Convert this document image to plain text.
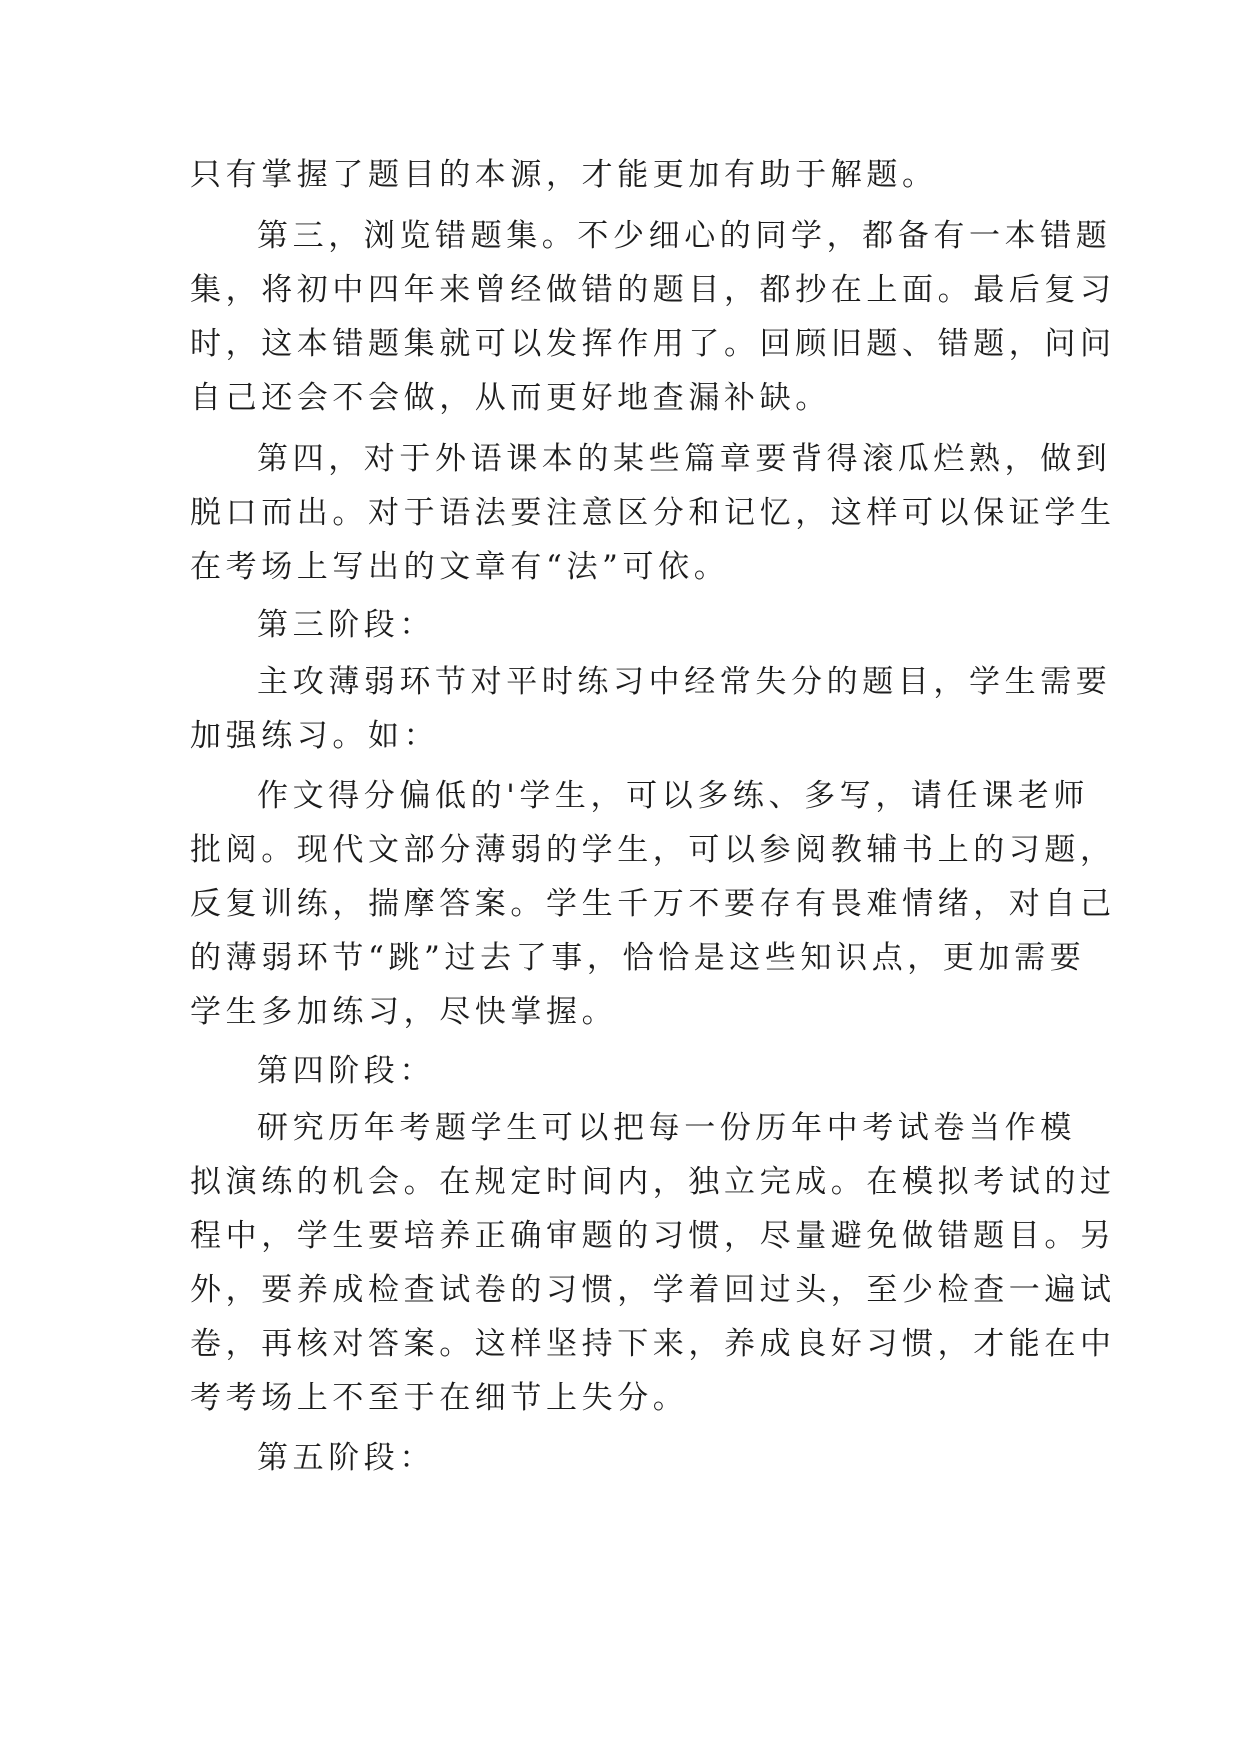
只有掌握了题目的本源，才能更加有助于解题。
第三，浏览错题集。不少细心的同学，都备有一本错题
集，将初中四年来曾经做错的题目，都抄在上面。最后复习
时，这本错题集就可以发挥作用了。回顾旧题、错题，问问
自己还会不会做，从而更好地查漏补缺。
第四，对于外语课本的某些篇章要背得滚瓜烂熟，做到
脱口而出。对于语法要注意区分和记忆，这样可以保证学生
在考场上写出的文章有“法”可依。
第三阶段：
主攻薄弱环节对平时练习中经常失分的题目，学生需要
加强练习。如：
作文得分偏低的'学生，可以多练、多写，请任课老师
批阅。现代文部分薄弱的学生，可以参阅教辅书上的习题，
反复训练，揣摩答案。学生千万不要存有畏难情绪，对自己
的薄弱环节“跳”过去了事，恰恰是这些知识点，更加需要
学生多加练习，尽快掌握。
第四阶段：
研究历年考题学生可以把每一份历年中考试卷当作模
拟演练的机会。在规定时间内，独立完成。在模拟考试的过
程中，学生要培养正确审题的习惯，尽量避免做错题目。另
外，要养成检查试卷的习惯，学着回过头，至少检查一遍试
卷，再核对答案。这样坚持下来，养成良好习惯，才能在中
考考场上不至于在细节上失分。
第五阶段：
